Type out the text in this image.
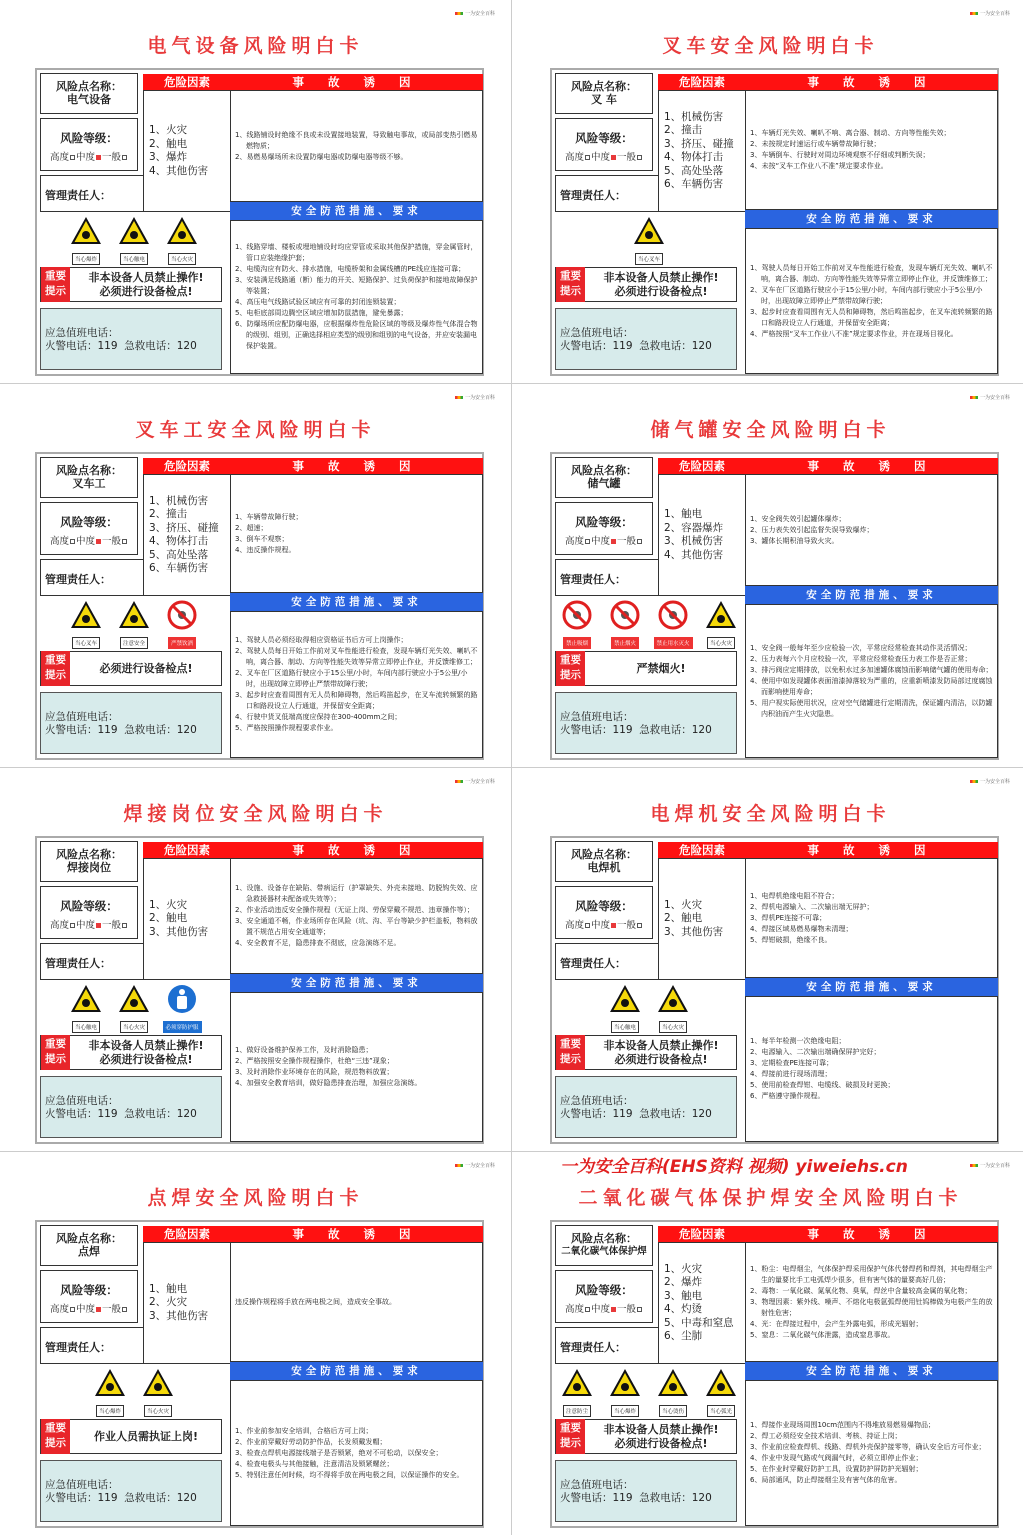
一为安全百科
电气设备风险明白卡
风险点名称：
电气设备
风险等级：
高度 中度 一般
管理责任人：
危险因素	事 故 诱 因
1、火灾
2、触电
3、爆炸
4、其他伤害
1、线路铺设时绝缘不良或未设置接地装置，导致触电事故，或局部变热引燃易燃物质；
2、易燃易爆场所未设置防爆电器或防爆电器等级不够。
安全防范措施、要求
1、线路穿墙、楼板或埋地铺设时均应穿管或采取其他保护措施，穿金属管时，管口应装绝缘护套；
2、电缆沟应有防火、排水措施，电缆桥架和金属线槽的PE线应连接可靠；
3、安装满足线路通（断）能力的开关、短路保护、过负荷保护和接地故障保护等装置；
4、高压电气线路试验区域应有可靠的封闭连锁装置；
5、电柜底部周边腾空区域应增加防鼠措施，避免暴露；
6、防爆场所应配防爆电器，应根据爆炸性危险区域的等级及爆炸性气体混合物的级别、组别，正确选择相应类型的级别和组别的电气设备，并应安装漏电保护装置。
当心爆炸	当心触电	当心火灾
重要提示
非本设备人员禁止操作!
必须进行设备检点!
应急值班电话：
火警电话：119  急救电话：120
一为安全百科
叉车安全风险明白卡
风险点名称：
叉 车
风险等级：
高度 中度 一般
管理责任人：
危险因素	事 故 诱 因
1、机械伤害
2、撞击
3、挤压、碰撞
4、物体打击
5、高处坠落
6、车辆伤害
1、车辆灯光失效、喇叭不响、离合器、制动、方向等性能失效；
2、未按规定时速运行或车辆带故障行驶；
3、车辆倒车、行驶时对周边环境观察不仔细或判断失误；
4、未按“叉车工作业八不准”规定要求作业。
安全防范措施、要求
1、驾驶人员每日开始工作前对叉车性能进行检查，发现车辆灯光失效、喇叭不响，离合器、制动、方向等性能失效等异常立即停止作业，并反馈维修工；
2、叉车在厂区道路行驶应小于15公里/小时，车间内部行驶应小于5公里/小时，出现故障立即停止严禁带故障行驶；
3、起步时应查看周围有无人员和障碍物，然后鸣笛起步，在叉车流转频繁的路口和路段设立人行通道，并保留安全距离；
4、严格按照“叉车工作业八不准”规定要求作业，并在现场目视化。
当心叉车
重要提示
非本设备人员禁止操作!
必须进行设备检点!
应急值班电话：
火警电话：119  急救电话：120
一为安全百科
叉车工安全风险明白卡
风险点名称：
叉车工
风险等级：
高度 中度 一般
管理责任人：
危险因素	事 故 诱 因
1、机械伤害
2、撞击
3、挤压、碰撞
4、物体打击
5、高处坠落
6、车辆伤害
1、车辆带故障行驶；
2、超速；
3、倒车不观察；
4、违反操作规程。
安全防范措施、要求
1、驾驶人员必须经取得相应资格证书后方可上岗操作；
2、驾驶人员每日开始工作前对叉车性能进行检查，发现车辆灯光失效、喇叭不响，离合器、制动、方向等性能失效等异常立即停止作业，并反馈维修工；
2、叉车在厂区道路行驶应小于15公里/小时，车间内部行驶应小于5公里/小时，出现故障立即停止严禁带故障行驶；
3、起步时应查看周围有无人员和障碍物，然后鸣笛起步，在叉车流转频繁的路口和路段设立人行通道，并保留安全距离；
4、行驶中货叉低端高度应保持在300-400mm之间；
5、严格按照操作规程要求作业。
当心叉车	注意安全	严禁饮酒
重要提示
必须进行设备检点!
应急值班电话：
火警电话：119  急救电话：120
一为安全百科
储气罐安全风险明白卡
风险点名称：
储气罐
风险等级：
高度 中度 一般
管理责任人：
危险因素	事 故 诱 因
1、触电
2、容器爆炸
3、机械伤害
4、其他伤害
1、安全阀失效引起罐体爆炸；
2、压力表失效引起监督失误导致爆炸；
3、罐体长期积油导致火灾。
安全防范措施、要求
1、安全阀一般每年至少应检验一次，平常应经常检查其动作灵活情况；
2、压力表每六个月应校验一次，平常应经常检查压力表工作是否正常；
3、排污阀应定期排放，以免积水过多加速罐体腐蚀而影响储气罐的使用寿命；
4、使用中如发现罐体表面油漆掉落较为严重的，应重新喷漆发防局部过度腐蚀而影响使用寿命；
5、用户视实际使用状况，应对空气储罐进行定期清洗，保证罐内清洁，以防罐内积油而产生火灾隐患。
禁止吸烟	禁止烟火	禁止用水灭火	当心火灾
重要提示
严禁烟火!
应急值班电话：
火警电话：119  急救电话：120
一为安全百科
焊接岗位安全风险明白卡
风险点名称：
焊接岗位
风险等级：
高度 中度 一般
管理责任人：
危险因素	事 故 诱 因
1、火灾
2、触电
3、其他伤害
1、设施、设备存在缺陷、带病运行（护罩缺失、外壳未接地、防脱钩失效、应急救援器材未配备或失效等）；
2、作业活动违反安全操作规程（无证上岗、劳保穿戴不规范、违章操作等）；
3、安全通道不畅，作业场所存在风险（坑、沟、平台等缺少护栏盖板，物料放置不规范占用安全通道等；
4、安全教育不足，隐患排查不彻底，应急演练不足。
安全防范措施、要求
1、做好设备维护保养工作，及时消除隐患；
2、严格按照安全操作规程操作，杜绝“三违”现象；
3、及时消除作业环境存在的风险，规范物料放置；
4、加强安全教育培训，做好隐患排查治理，加强应急演练。
当心触电	当心火灾	必须穿防护服
重要提示
非本设备人员禁止操作!
必须进行设备检点!
应急值班电话：
火警电话：119  急救电话：120
一为安全百科
电焊机安全风险明白卡
风险点名称：
电焊机
风险等级：
高度 中度 一般
管理责任人：
危险因素	事 故 诱 因
1、火灾
2、触电
3、其他伤害
1、电焊机绝缘电阻不符合；
2、焊机电源输入、二次输出端无屏护；
3、焊机PE连接不可靠；
4、焊接区域易燃易爆物未清理；
5、焊钳破损，绝缘不良。
安全防范措施、要求
1、每半年检测一次绝缘电阻；
2、电源输入、二次输出端确保屏护完好；
3、定期检查PE连接可靠；
4、焊接前进行现场清理；
5、使用前检查焊钳、电缆线、破损及时更换；
6、严格遵守操作规程。
当心触电	当心火灾
重要提示
非本设备人员禁止操作!
必须进行设备检点!
应急值班电话：
火警电话：119  急救电话：120
一为安全百科
点焊安全风险明白卡
风险点名称：
点焊
风险等级：
高度 中度 一般
管理责任人：
危险因素	事 故 诱 因
1、触电
2、火灾
3、其他伤害
违反操作规程将手放在两电极之间，造成安全事故。
安全防范措施、要求
1、作业前参加安全培训，合格后方可上岗；
2、作业前穿戴好劳动防护作品，长发须戴发帽；
3、检查点焊机电源接线端子是否锁紧，绝对不可松动，以保安全；
4、检查电极头与其他接触，注意清洁及锁紧螺丝；
5、特别注意任何时候，均不得将手放在两电极之间，以保证操作的安全。
当心爆炸	当心火灾
重要提示
作业人员需执证上岗!
应急值班电话：
火警电话：119  急救电话：120
一为安全百科
二氧化碳气体保护焊安全风险明白卡
风险点名称：
二氧化碳气体保护焊
风险等级：
高度 中度 一般
管理责任人：
危险因素	事 故 诱 因
1、火灾
2、爆炸
3、触电
4、灼烫
5、中毒和窒息
6、尘肺
1、粉尘：电焊烟尘，气体保护焊采用保护气体代替焊药和焊剂，其电焊烟尘产生的量要比手工电弧焊少很多，但有害气体的量要高好几倍；
2、毒物：一氧化碳、氮氧化物、臭氧，焊丝中含量较高金属的氧化物；
3、物理因素：紫外线、噪声、不熔化电极氩弧焊使用钍钨棒做为电极产生的放射性危害；
4、光：在焊接过程中，会产生外露电弧，形成光辐射；
5、窒息：二氧化碳气体泄露，造成窒息事故。
安全防范措施、要求
1、焊接作业现场周围10cm范围内不得堆放易燃易爆物品；
2、焊工必须经安全技术培训、考核、持证上岗；
3、作业前应检查焊机、线路、焊机外壳保护接零等，确认安全后方可作业；
4、作业中发现气路或气阀漏气时，必须立即停止作业；
5、在作业时穿戴好防护工具，设置防护屏防护光辐射；
6、局部通风，防止焊接烟尘及有害气体的危害。
注意防尘	当心爆炸	当心烫伤	当心弧光
重要提示
非本设备人员禁止操作!
必须进行设备检点!
应急值班电话：
火警电话：119  急救电话：120
一为安全百科(EHS资料 视频) yiweiehs.cn
